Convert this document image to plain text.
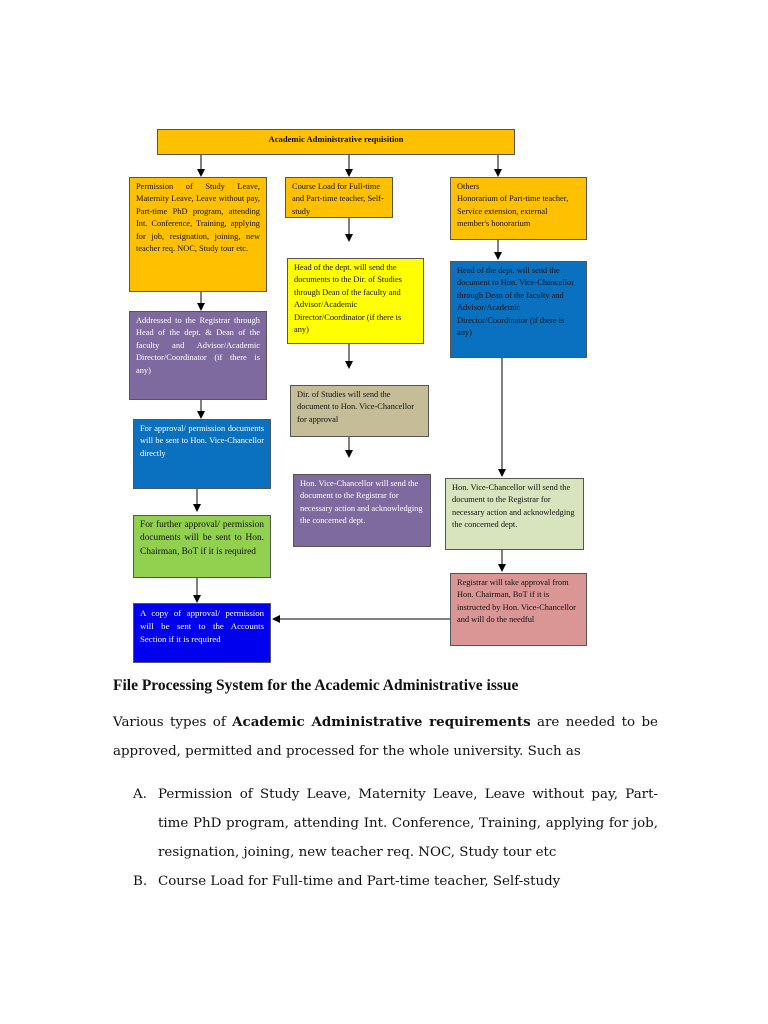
Academic Administrative requisition
Permission of Study Leave, Maternity Leave, Leave without pay, Part-time PhD program, attending Int. Conference, Training, applying for job, resignation, joining, new teacher req. NOC, Study tour etc.
Addressed to the Registrar through Head of the dept. & Dean of the faculty and Advisor/Academic Director/Coordinator (if there is any)
For approval/ permission documents will be sent to Hon. Vice-Chancellor directly
For further approval/ permission documents will be sent to Hon. Chairman, BoT if it is required
A copy of approval/ permission will be sent to the Accounts Section if it is required
Course Load for Full-time and Part-time teacher, Self-study
Head of the dept. will send the documents to the Dir. of Studies through Dean of the faculty and Advisor/Academic Director/Coordinator (if there is any)
Dir. of Studies will send the document to Hon. Vice-Chancellor for approval
Hon. Vice-Chancellor will send the document to the Registrar for necessary action and acknowledging the concerned dept.
Others
Honorarium of Part-time teacher, Service extension, external member's honorarium
Head of the dept. will send the document to Hon. Vice-Chancellor through Dean of the faculty and Advisor/Academic Director/Coordinator (if there is any)
Hon. Vice-Chancellor will send the document to the Registrar for necessary action and acknowledging the concerned dept.
Registrar will take approval from Hon. Chairman, BoT if it is instructed by Hon. Vice-Chancellor and will do the needful
File Processing System for the Academic Administrative issue
Various types of Academic Administrative requirements are needed to be approved, permitted and processed for the whole university. Such as
A. Permission of Study Leave, Maternity Leave, Leave without pay, Part-time PhD program, attending Int. Conference, Training, applying for job, resignation, joining, new teacher req. NOC, Study tour etc
B. Course Load for Full-time and Part-time teacher, Self-study
